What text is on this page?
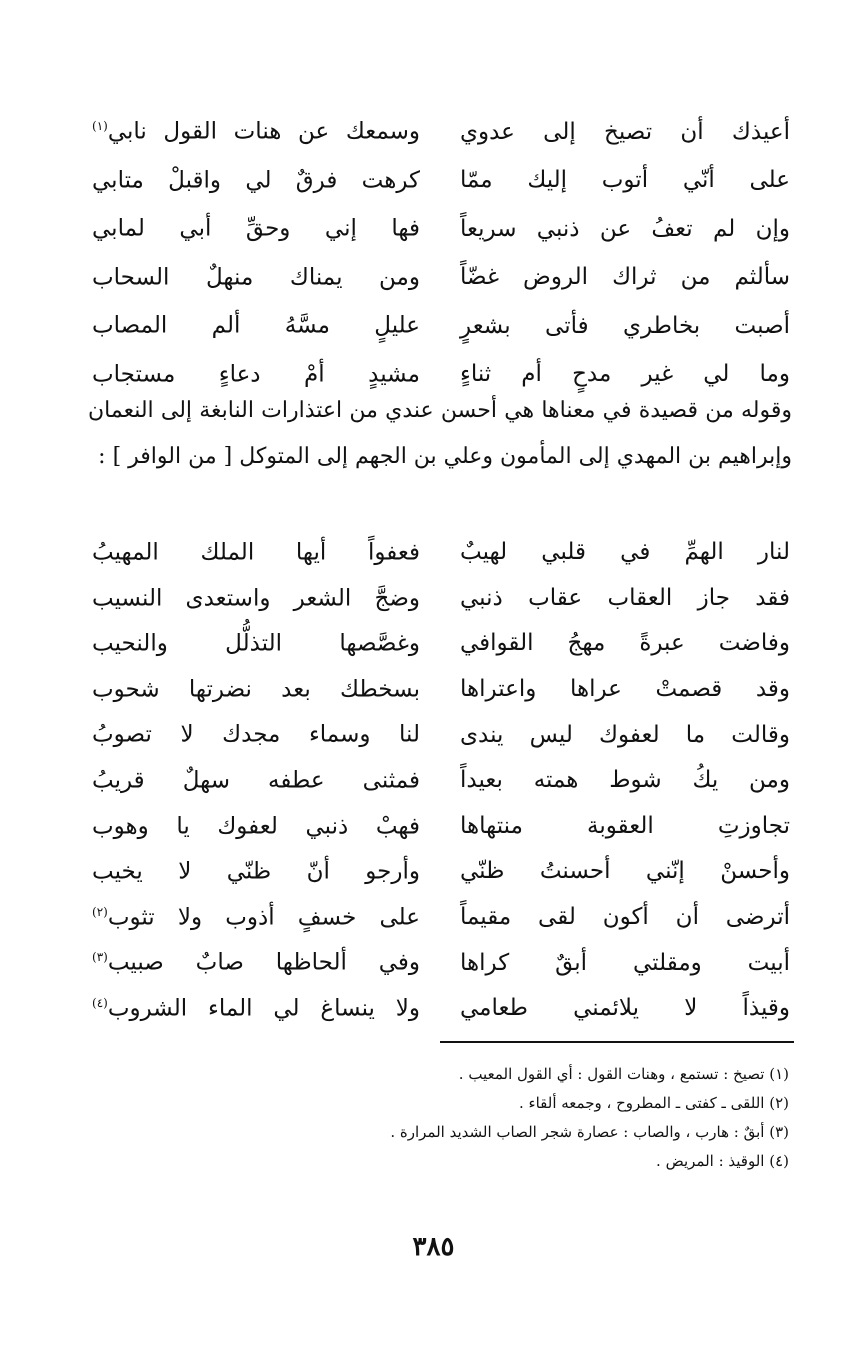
أعيذك أن تصيخ إلى عدوي
وسمعك عن هنات القول نابي$^{(١)}$
على أنّي أتوب إليك ممّا
كرهت فرقٌ لي واقبلْ متابي
وإن لم تعفُ عن ذنبي سريعاً
فها إني وحقِّ أبي لمابي
سألثم من ثراك الروض غضّاً
ومن يمناك منهلٌ السحاب
أصبت بخاطري فأتى بشعرٍ
عليلٍ مسَّهُ ألم المصاب
وما لي غير مدحٍ أم ثناءٍ
مشيدٍ أمْ دعاءٍ مستجاب

وقوله من قصيدة في معناها هي أحسن عندي من اعتذارات النابغة إلى النعمان وإبراهيم بن المهدي إلى المأمون وعلي بن الجهم إلى المتوكل [ من الوافر ] :

لنار الهمِّ في قلبي لهيبٌ
فعفواً أيها الملك المهيبُ
فقد جاز العقاب عقاب ذنبي
وضجَّ الشعر واستعدى النسيب
وفاضت عبرةً مهجُ القوافي
وغصَّصها التذلُّل والنحيب
وقد قصمتْ عراها واعتراها
بسخطك بعد نضرتها شحوب
وقالت ما لعفوك ليس يندى
لنا وسماء مجدك لا تصوبُ
ومن يكُ شوط همته بعيداً
فمثنى عطفه سهلٌ قريبُ
تجاوزتِ العقوبة منتهاها
فهبْ ذنبي لعفوك يا وهوب
وأحسنْ إنّني أحسنتُ ظنّي
وأرجو أنّ ظنّي لا يخيب
أترضى أن أكون لقى مقيماً
على خسفٍ أذوب ولا تثوب$^{(٢)}$
أبيت ومقلتي أبقٌ كراها
وفي ألحاظها صابٌ صبيب$^{(٣)}$
وقيذاً لا يلائمني طعامي
ولا ينساغ لي الماء الشروب$^{(٤)}$
(١) تصيخ : تستمع ، وهنات القول : أي القول المعيب .
(٢) اللقى ـ كفتى ـ المطروح ، وجمعه ألقاء .
(٣) أبقٌ : هارب ، والصاب : عصارة شجر الصاب الشديد المرارة .
(٤) الوقيذ : المريض .
٣٨٥
